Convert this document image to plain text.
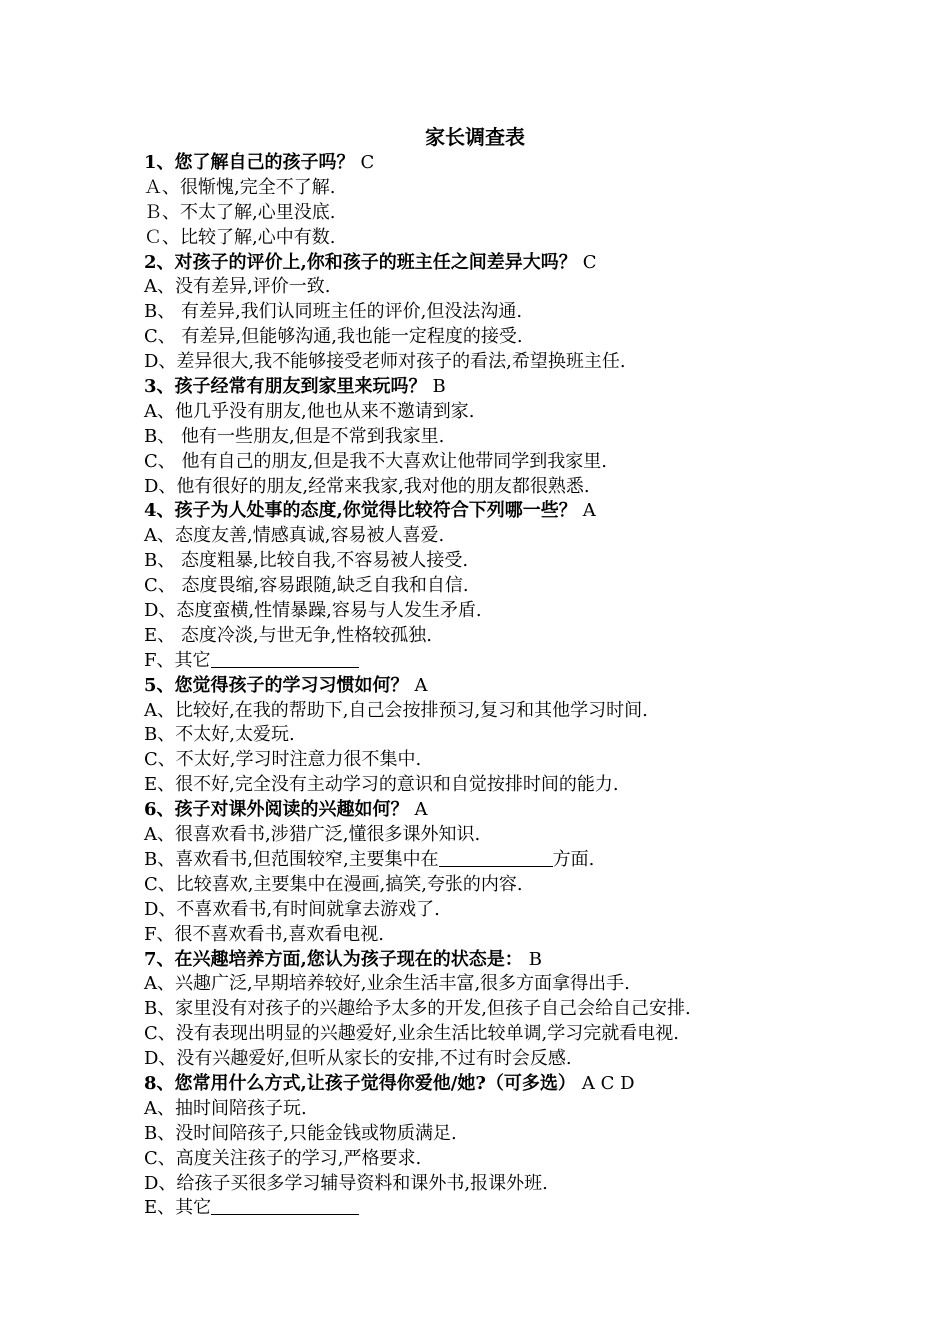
家长调查表
1、您了解自己的孩子吗？ C
Ａ、很惭愧,完全不了解.
Ｂ、不太了解,心里没底.
Ｃ、比较了解,心中有数.
2、对孩子的评价上,你和孩子的班主任之间差异大吗？ C
A、没有差异,评价一致.
B、 有差异,我们认同班主任的评价,但没法沟通.
C、 有差异,但能够沟通,我也能一定程度的接受.
D、差异很大,我不能够接受老师对孩子的看法,希望换班主任.
3、孩子经常有朋友到家里来玩吗？ B
A、他几乎没有朋友,他也从来不邀请到家.
B、 他有一些朋友,但是不常到我家里.
C、 他有自己的朋友,但是我不大喜欢让他带同学到我家里.
D、他有很好的朋友,经常来我家,我对他的朋友都很熟悉.
4、孩子为人处事的态度,你觉得比较符合下列哪一些？ A
A、态度友善,情感真诚,容易被人喜爱.
B、 态度粗暴,比较自我,不容易被人接受.
C、 态度畏缩,容易跟随,缺乏自我和自信.
D、态度蛮横,性情暴躁,容易与人发生矛盾.
E、 态度冷淡,与世无争,性格较孤独.
F、其它
5、您觉得孩子的学习习惯如何？ A
A、比较好,在我的帮助下,自己会按排预习,复习和其他学习时间.
B、不太好,太爱玩.
C、不太好,学习时注意力很不集中.
E、很不好,完全没有主动学习的意识和自觉按排时间的能力.
6、孩子对课外阅读的兴趣如何？ A
A、很喜欢看书,涉猎广泛,懂很多课外知识.
B、喜欢看书,但范围较窄,主要集中在	方面.
C、比较喜欢,主要集中在漫画,搞笑,夸张的内容.
D、不喜欢看书,有时间就拿去游戏了.
F、很不喜欢看书,喜欢看电视.
7、在兴趣培养方面,您认为孩子现在的状态是： B
A、兴趣广泛,早期培养较好,业余生活丰富,很多方面拿得出手.
B、家里没有对孩子的兴趣给予太多的开发,但孩子自己会给自己安排.
C、没有表现出明显的兴趣爱好,业余生活比较单调,学习完就看电视.
D、没有兴趣爱好,但听从家长的安排,不过有时会反感.
8、您常用什么方式,让孩子觉得你爱他/她?（可多选） A C D
A、抽时间陪孩子玩.
B、没时间陪孩子,只能金钱或物质满足.
C、高度关注孩子的学习,严格要求.
D、给孩子买很多学习辅导资料和课外书,报课外班.
E、其它
